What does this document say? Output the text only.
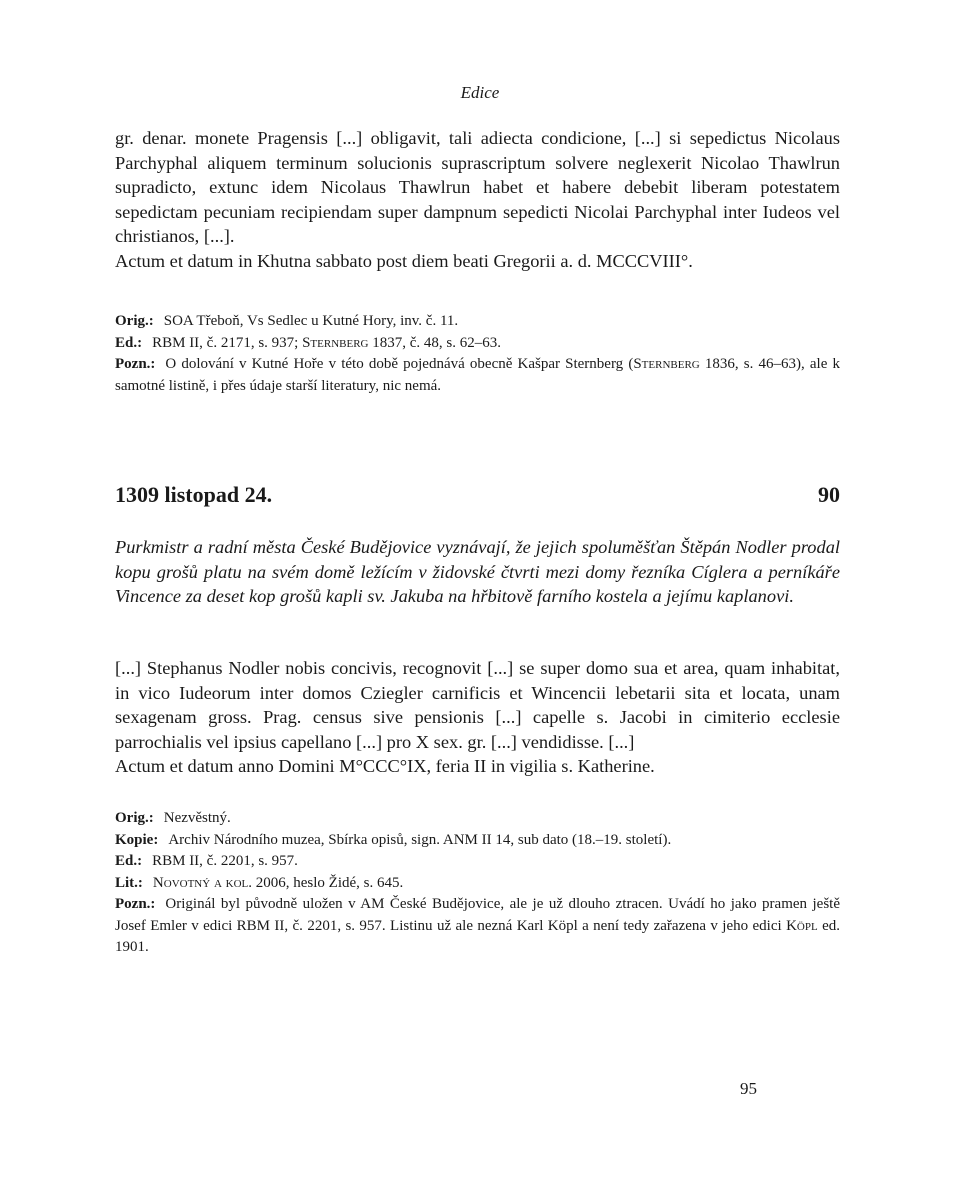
Edice

gr. denar. monete Pragensis [...] obligavit, tali adiecta condicione, [...] si sepedictus Nicolaus Parchyphal aliquem terminum solucionis suprascriptum solvere neglexerit Nicolao Thawlrun supradicto, extunc idem Nicolaus Thawlrun habet et habere debebit liberam potestatem sepedictam pecuniam recipiendam super dampnum sepedicti Nicolai Parchyphal inter Iudeos vel christianos, [...].

Actum et datum in Khutna sabbato post diem beati Gregorii a. d. MCCCVIII°.

Orig.: SOA Třeboň, Vs Sedlec u Kutné Hory, inv. č. 11.

Ed.: RBM II, č. 2171, s. 937; Sternberg 1837, č. 48, s. 62–63.

Pozn.: O dolování v Kutné Hoře v této době pojednává obecně Kašpar Sternberg (Sternberg 1836, s. 46–63), ale k samotné listině, i přes údaje starší literatury, nic nemá.

1309 listopad 24.	90

Purkmistr a radní města České Budějovice vyznávají, že jejich spoluměšťan Štěpán Nodler prodal kopu grošů platu na svém domě ležícím v židovské čtvrti mezi domy řezníka Cíglera a perníkáře Vincence za deset kop grošů kapli sv. Jakuba na hřbitově farního kostela a jejímu kaplanovi.

[...] Stephanus Nodler nobis concivis, recognovit [...] se super domo sua et area, quam inhabitat, in vico Iudeorum inter domos Cziegler carnificis et Wincencii lebetarii sita et locata, unam sexagenam gross. Prag. census sive pensionis [...] capelle s. Jacobi in cimiterio ecclesie parrochialis vel ipsius capellano [...] pro X sex. gr. [...] vendidisse. [...]

Actum et datum anno Domini M°CCC°IX, feria II in vigilia s. Katherine.

Orig.: Nezvěstný.

Kopie: Archiv Národního muzea, Sbírka opisů, sign. ANM II 14, sub dato (18.–19. století).

Ed.: RBM II, č. 2201, s. 957.

Lit.: Novotný a kol. 2006, heslo Židé, s. 645.

Pozn.: Originál byl původně uložen v AM České Budějovice, ale je už dlouho ztracen. Uvádí ho jako pramen ještě Josef Emler v edici RBM II, č. 2201, s. 957. Listinu už ale nezná Karl Köpl a není tedy zařazena v jeho edici Köpl ed. 1901.

95
